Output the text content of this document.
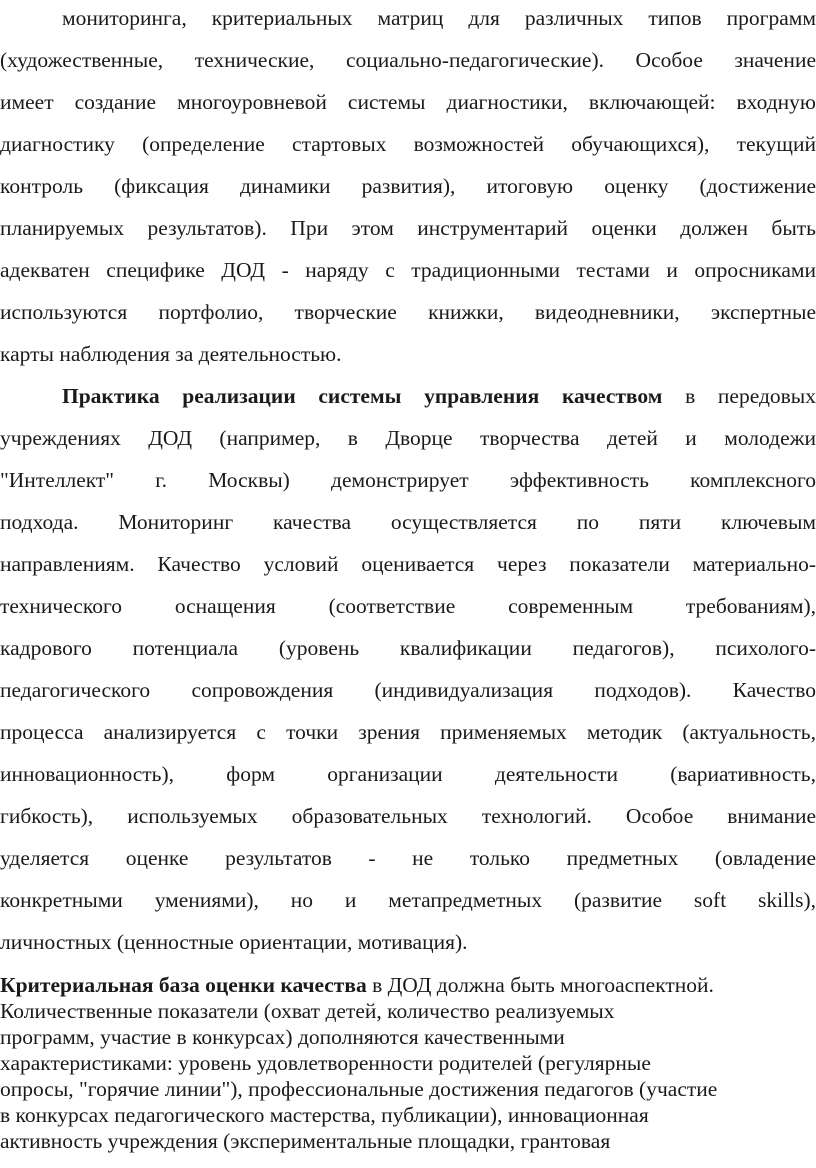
мониторинга, критериальных матриц для различных типов программ
(художественные, технические, социально-педагогические). Особое значение
имеет создание многоуровневой системы диагностики, включающей: входную
диагностику (определение стартовых возможностей обучающихся), текущий
контроль (фиксация динамики развития), итоговую оценку (достижение
планируемых результатов). При этом инструментарий оценки должен быть
адекватен специфике ДОД - наряду с традиционными тестами и опросниками
используются портфолио, творческие книжки, видеодневники, экспертные
карты наблюдения за деятельностью.
Практика реализации системы управления качеством в передовых
учреждениях ДОД (например, в Дворце творчества детей и молодежи
"Интеллект" г. Москвы) демонстрирует эффективность комплексного
подхода. Мониторинг качества осуществляется по пяти ключевым
направлениям. Качество условий оценивается через показатели материально-
технического оснащения (соответствие современным требованиям),
кадрового потенциала (уровень квалификации педагогов), психолого-
педагогического сопровождения (индивидуализация подходов). Качество
процесса анализируется с точки зрения применяемых методик (актуальность,
инновационность), форм организации деятельности (вариативность,
гибкость), используемых образовательных технологий. Особое внимание
уделяется оценке результатов - не только предметных (овладение
конкретными умениями), но и метапредметных (развитие soft skills),
личностных (ценностные ориентации, мотивация).
Критериальная база оценки качества в ДОД должна быть многоаспектной.
Количественные показатели (охват детей, количество реализуемых
программ, участие в конкурсах) дополняются качественными
характеристиками: уровень удовлетворенности родителей (регулярные
опросы, "горячие линии"), профессиональные достижения педагогов (участие
в конкурсах педагогического мастерства, публикации), инновационная
активность учреждения (экспериментальные площадки, грантовая
